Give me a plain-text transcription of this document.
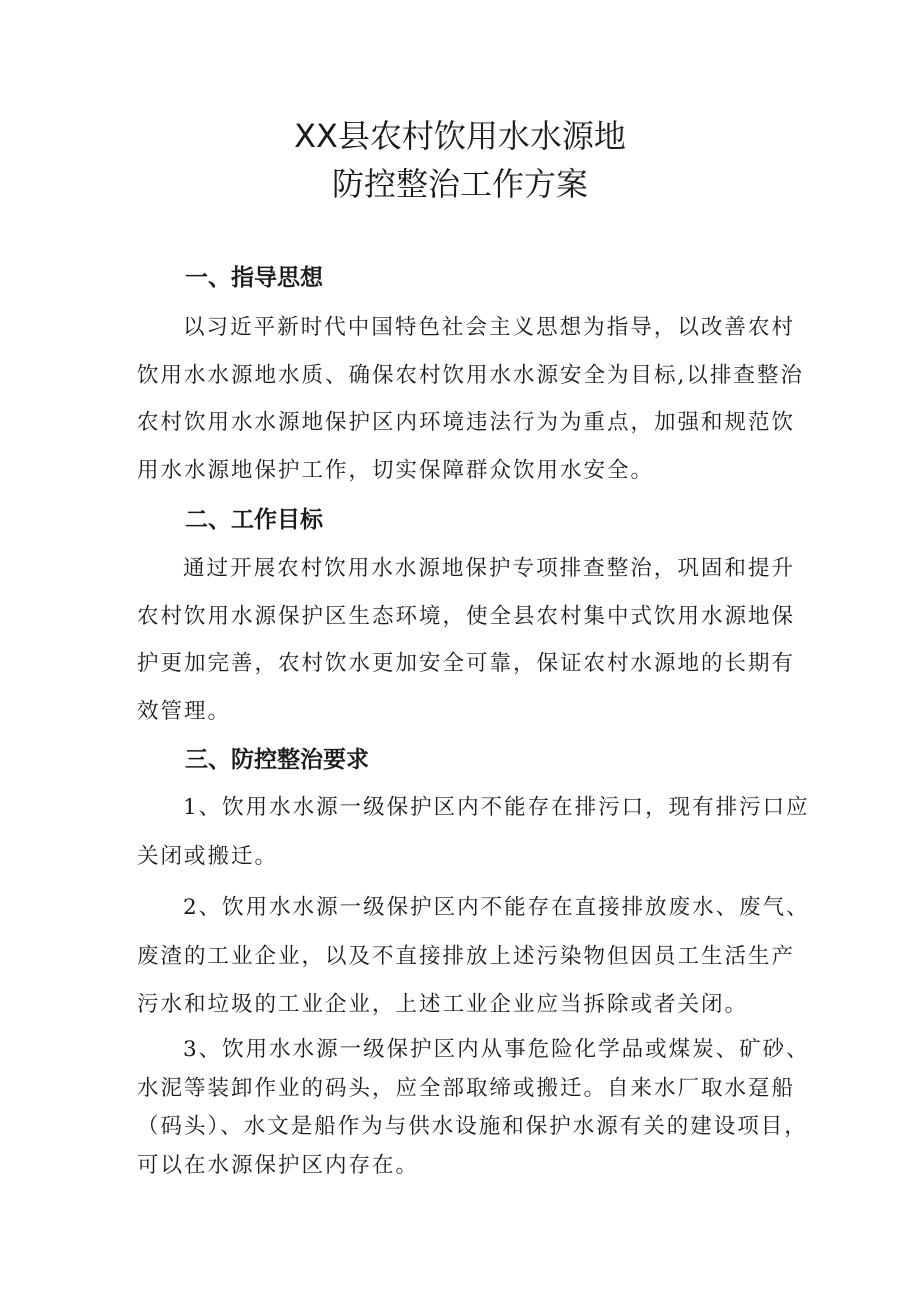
XX县农村饮用水水源地
防控整治工作方案
一、指导思想
以习近平新时代中国特色社会主义思想为指导，以改善农村
饮用水水源地水质、确保农村饮用水水源安全为目标,以排查整治
农村饮用水水源地保护区内环境违法行为为重点，加强和规范饮
用水水源地保护工作，切实保障群众饮用水安全。
二、工作目标
通过开展农村饮用水水源地保护专项排查整治，巩固和提升
农村饮用水源保护区生态环境，使全县农村集中式饮用水源地保
护更加完善，农村饮水更加安全可靠，保证农村水源地的长期有
效管理。
三、防控整治要求
1、饮用水水源一级保护区内不能存在排污口，现有排污口应
关闭或搬迁。
2、饮用水水源一级保护区内不能存在直接排放废水、废气、
废渣的工业企业，以及不直接排放上述污染物但因员工生活生产
污水和垃圾的工业企业，上述工业企业应当拆除或者关闭。
3、饮用水水源一级保护区内从事危险化学品或煤炭、矿砂、
水泥等装卸作业的码头，应全部取缔或搬迁。自来水厂取水趸船
（码头）、水文是船作为与供水设施和保护水源有关的建设项目，
可以在水源保护区内存在。
